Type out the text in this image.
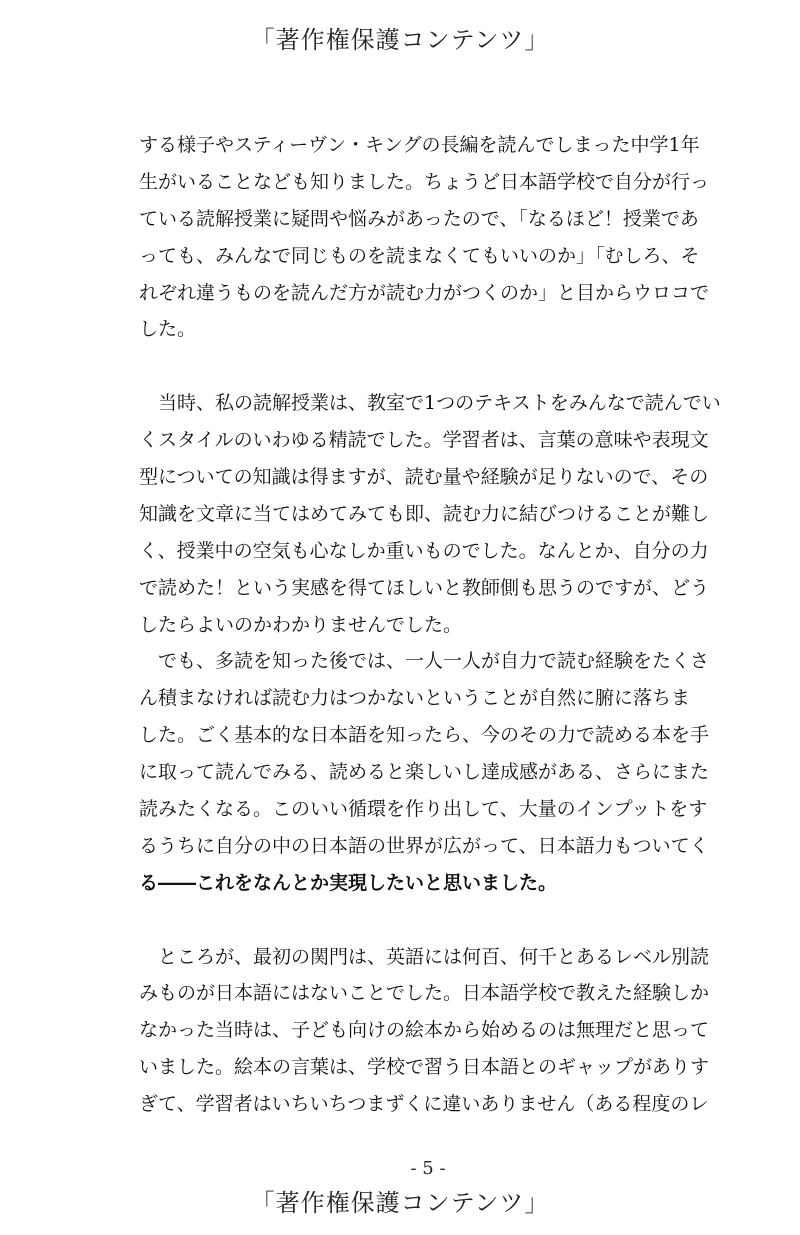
「著作権保護コンテンツ」
する様子やスティーヴン・キングの長編を読んでしまった中学1年
生がいることなども知りました。ちょうど日本語学校で自分が行っ
ている読解授業に疑問や悩みがあったので、「なるほど！授業であ
っても、みんなで同じものを読まなくてもいいのか」「むしろ、そ
れぞれ違うものを読んだ方が読む力がつくのか」と目からウロコで
した。
　当時、私の読解授業は、教室で1つのテキストをみんなで読んでい
くスタイルのいわゆる精読でした。学習者は、言葉の意味や表現文
型についての知識は得ますが、読む量や経験が足りないので、その
知識を文章に当てはめてみても即、読む力に結びつけることが難し
く、授業中の空気も心なしか重いものでした。なんとか、自分の力
で読めた！という実感を得てほしいと教師側も思うのですが、どう
したらよいのかわかりませんでした。
　でも、多読を知った後では、一人一人が自力で読む経験をたくさ
ん積まなければ読む力はつかないということが自然に腑に落ちま
した。ごく基本的な日本語を知ったら、今のその力で読める本を手
に取って読んでみる、読めると楽しいし達成感がある、さらにまた
読みたくなる。このいい循環を作り出して、大量のインプットをす
るうちに自分の中の日本語の世界が広がって、日本語力もついてく
る――これをなんとか実現したいと思いました。
　ところが、最初の関門は、英語には何百、何千とあるレベル別読
みものが日本語にはないことでした。日本語学校で教えた経験しか
なかった当時は、子ども向けの絵本から始めるのは無理だと思って
いました。絵本の言葉は、学校で習う日本語とのギャップがありす
ぎて、学習者はいちいちつまずくに違いありません（ある程度のレ
- 5 -
「著作権保護コンテンツ」
